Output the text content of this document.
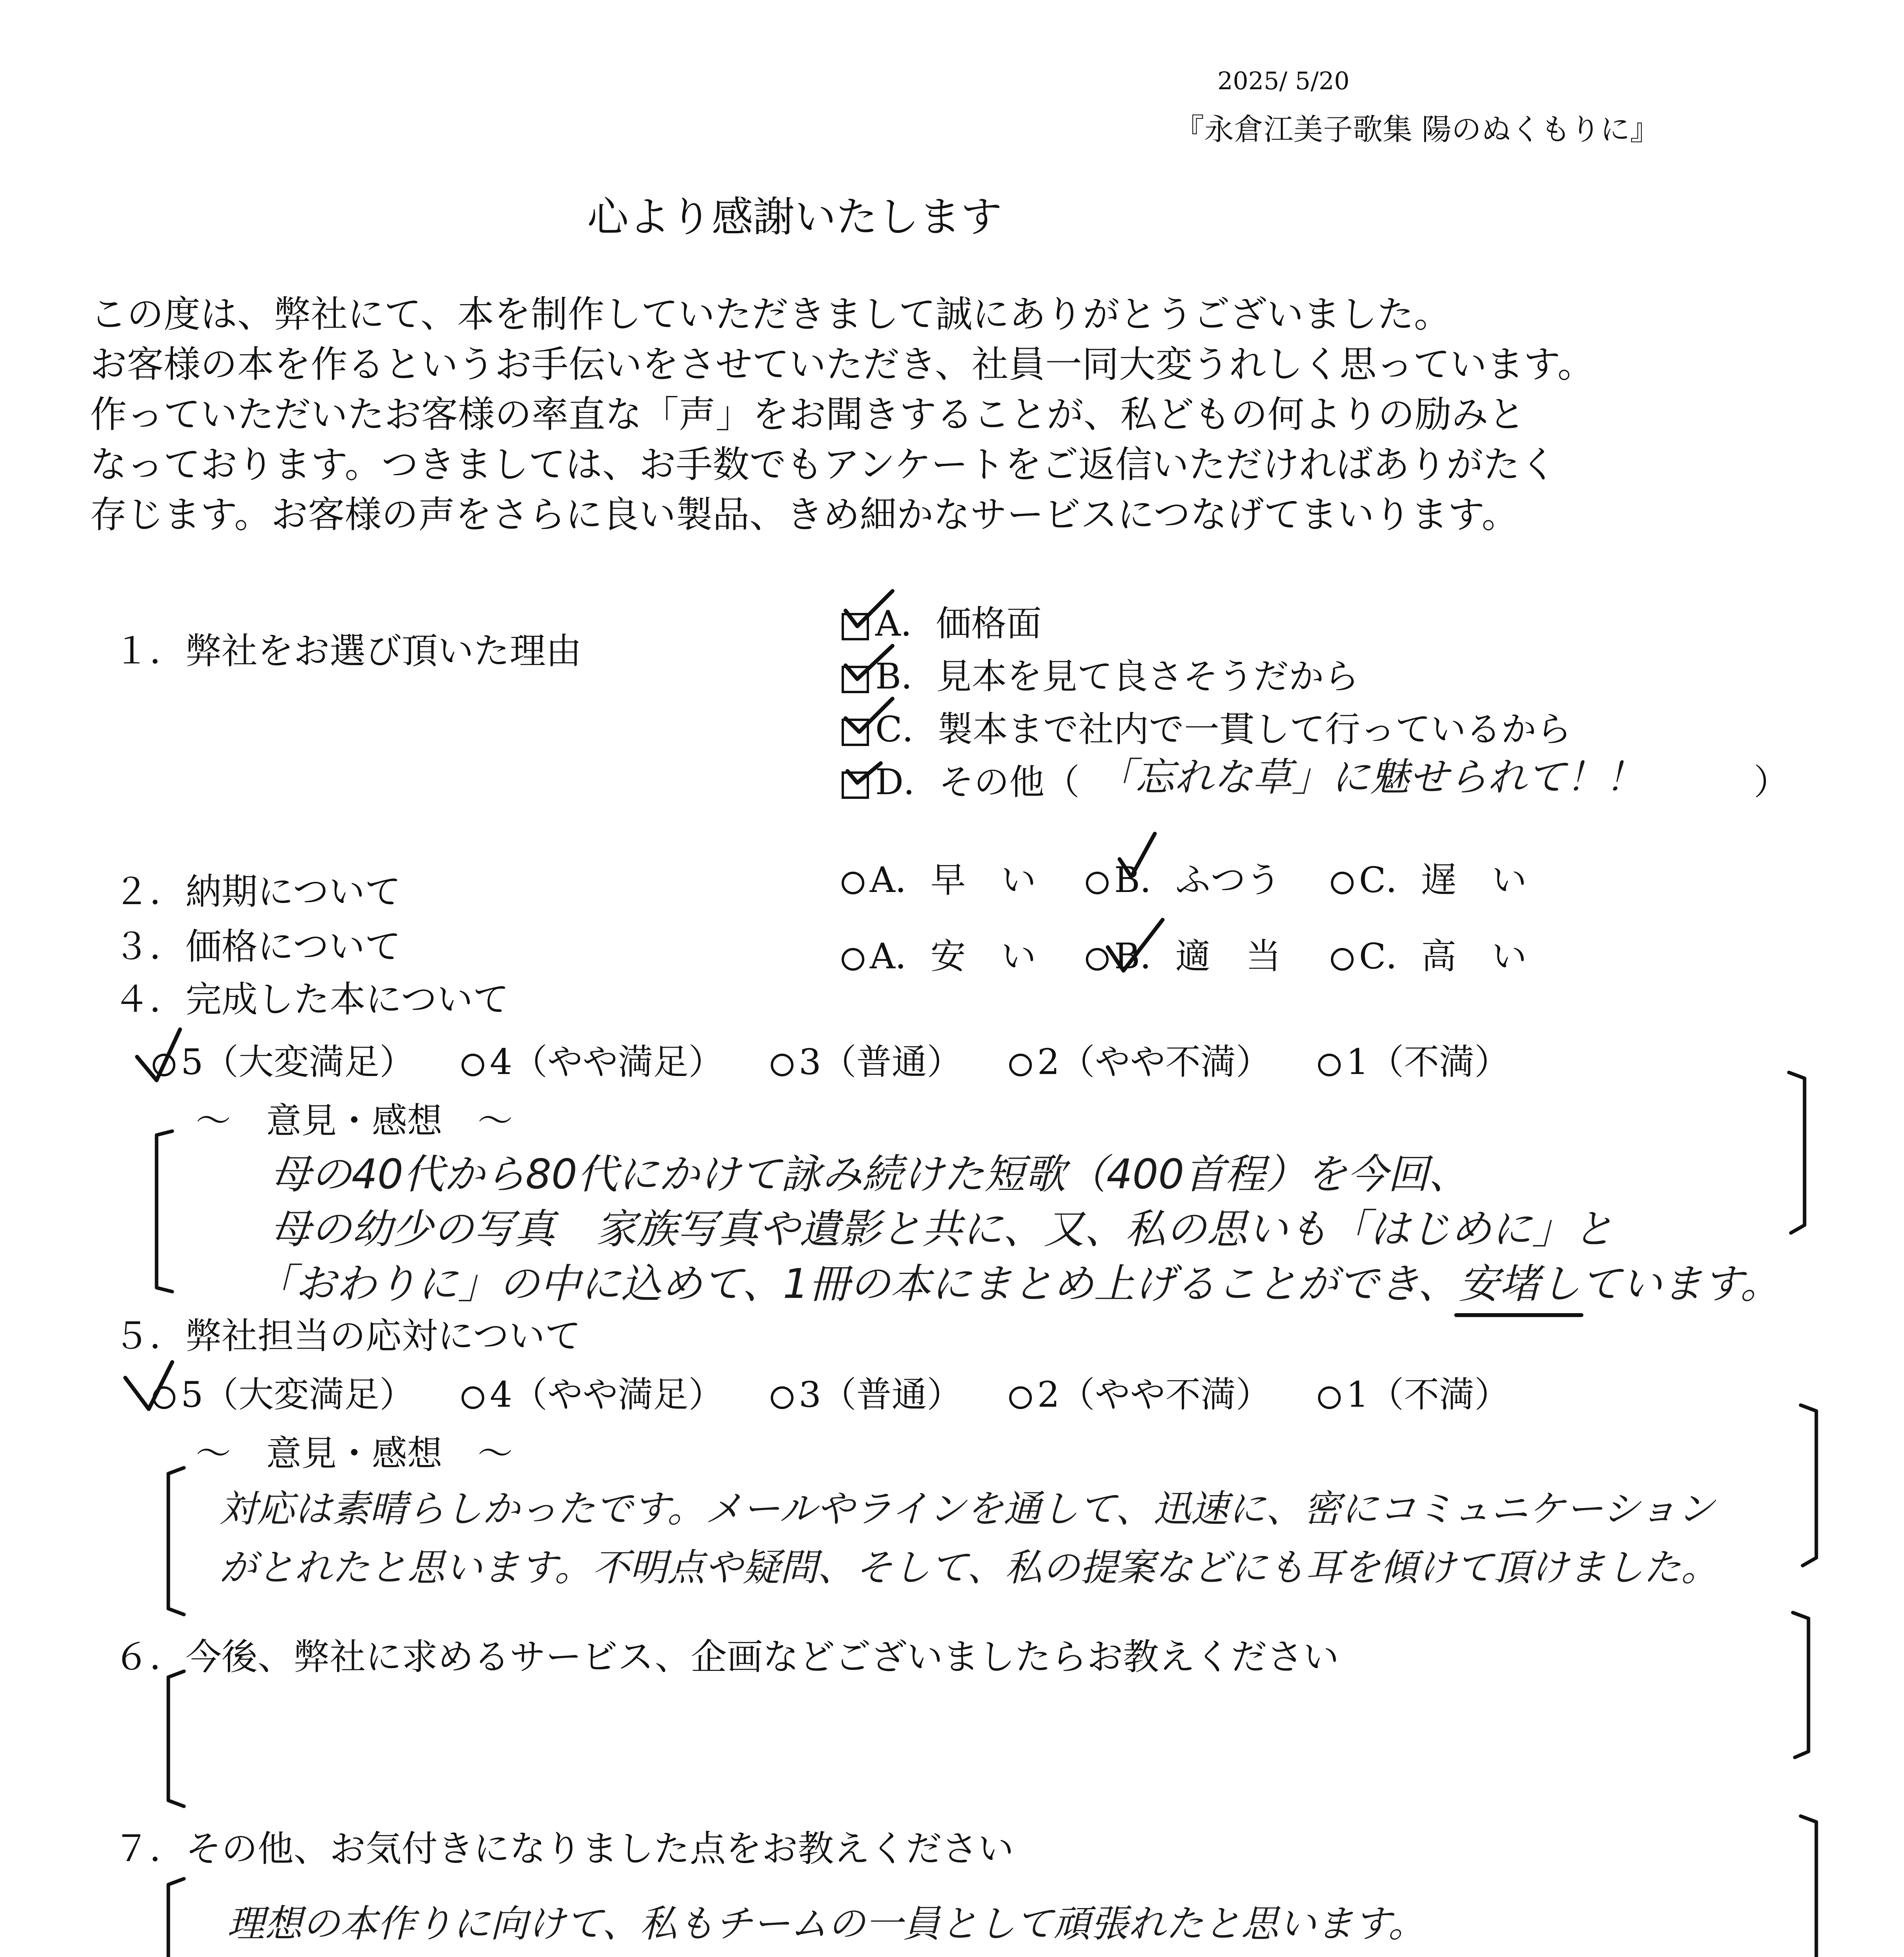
2025/ 5/20
『永倉江美子歌集 陽のぬくもりに』
心より感謝いたします
この度は、弊社にて、本を制作していただきまして誠にありがとうございました。
お客様の本を作るというお手伝いをさせていただき、社員一同大変うれしく思っています。
作っていただいたお客様の率直な「声」をお聞きすることが、私どもの何よりの励みと
なっております。つきましては、お手数でもアンケートをご返信いただければありがたく
存じます。お客様の声をさらに良い製品、きめ細かなサービスにつなげてまいります。
１．弊社をお選び頂いた理由
A．価格面
B．見本を見て良さそうだから
C．製本まで社内で一貫して行っているから
D．その他（ 「忘れな草」に魅せられて！！	）
２．納期について	A．早　い B．ふつう C．遅　い
３．価格について	A．安　い B．適　当 C．高　い
４．完成した本について
5（大変満足） 4（やや満足） 3（普通） 2（やや不満） 1（不満）
～　意見・感想　～
母の40代から80代にかけて詠み続けた短歌（400首程）を今回、
母の幼少の写真　家族写真や遺影と共に、又、私の思いも「はじめに」と
「おわりに」の中に込めて、1冊の本にまとめ上げることができ、安堵しています。
５．弊社担当の応対について
5（大変満足） 4（やや満足） 3（普通） 2（やや不満） 1（不満）
～　意見・感想　～
対応は素晴らしかったです。メールやラインを通して、迅速に、密にコミュニケーション
がとれたと思います。不明点や疑問、そして、私の提案などにも耳を傾けて頂けました。
６．今後、弊社に求めるサービス、企画などございましたらお教えください
７．その他、お気付きになりました点をお教えください
理想の本作りに向けて、私もチームの一員として頑張れたと思います。
